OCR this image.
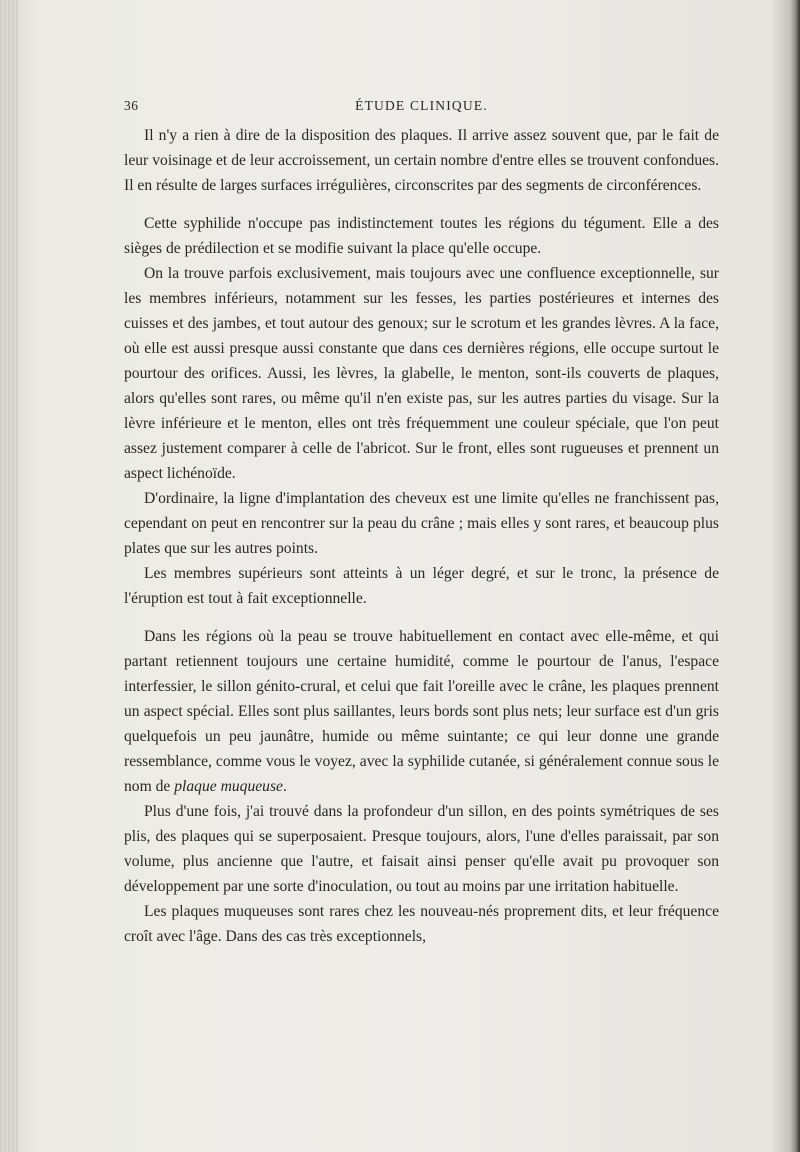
36	ÉTUDE CLINIQUE.

Il n'y a rien à dire de la disposition des plaques. Il arrive assez souvent que, par le fait de leur voisinage et de leur accroissement, un certain nombre d'entre elles se trouvent confondues. Il en résulte de larges surfaces irrégulières, circonscrites par des segments de circonférences.

Cette syphilide n'occupe pas indistinctement toutes les régions du tégument. Elle a des sièges de prédilection et se modifie suivant la place qu'elle occupe.

On la trouve parfois exclusivement, mais toujours avec une confluence exceptionnelle, sur les membres inférieurs, notamment sur les fesses, les parties postérieures et internes des cuisses et des jambes, et tout autour des genoux; sur le scrotum et les grandes lèvres. A la face, où elle est aussi presque aussi constante que dans ces dernières régions, elle occupe surtout le pourtour des orifices. Aussi, les lèvres, la glabelle, le menton, sont-ils couverts de plaques, alors qu'elles sont rares, ou même qu'il n'en existe pas, sur les autres parties du visage. Sur la lèvre inférieure et le menton, elles ont très fréquemment une couleur spéciale, que l'on peut assez justement comparer à celle de l'abricot. Sur le front, elles sont rugueuses et prennent un aspect lichénoïde.

D'ordinaire, la ligne d'implantation des cheveux est une limite qu'elles ne franchissent pas, cependant on peut en rencontrer sur la peau du crâne ; mais elles y sont rares, et beaucoup plus plates que sur les autres points.

Les membres supérieurs sont atteints à un léger degré, et sur le tronc, la présence de l'éruption est tout à fait exceptionnelle.

Dans les régions où la peau se trouve habituellement en contact avec elle-même, et qui partant retiennent toujours une certaine humidité, comme le pourtour de l'anus, l'espace interfessier, le sillon génito-crural, et celui que fait l'oreille avec le crâne, les plaques prennent un aspect spécial. Elles sont plus saillantes, leurs bords sont plus nets; leur surface est d'un gris quelquefois un peu jaunâtre, humide ou même suintante; ce qui leur donne une grande ressemblance, comme vous le voyez, avec la syphilide cutanée, si généralement connue sous le nom de plaque muqueuse.

Plus d'une fois, j'ai trouvé dans la profondeur d'un sillon, en des points symétriques de ses plis, des plaques qui se superposaient. Presque toujours, alors, l'une d'elles paraissait, par son volume, plus ancienne que l'autre, et faisait ainsi penser qu'elle avait pu provoquer son développement par une sorte d'inoculation, ou tout au moins par une irritation habituelle.

Les plaques muqueuses sont rares chez les nouveau-nés proprement dits, et leur fréquence croît avec l'âge. Dans des cas très exceptionnels,
